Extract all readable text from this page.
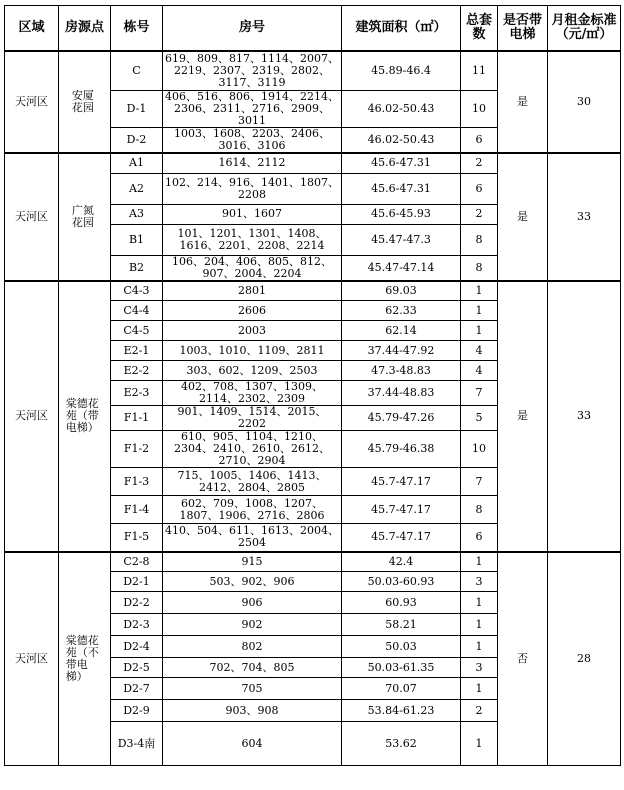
区域	房源点	栋号	房号	建筑面积（㎡）	总套数	是否带电梯	月租金标准（元/㎡）
天河区	安厦花园	C	619、809、817、1114、2007、2219、2307、2319、2802、3117、3119	45.89-46.4	11	是	30
		D-1	406、516、806、1914、2214、2306、2311、2716、2909、3011	46.02-50.43	10		
		D-2	1003、1608、2203、2406、3016、3106	46.02-50.43	6		
天河区	广氮花园	A1	1614、2112	45.6-47.31	2	是	33
		A2	102、214、916、1401、1807、2208	45.6-47.31	6		
		A3	901、1607	45.6-45.93	2		
		B1	101、1201、1301、1408、1616、2201、2208、2214	45.47-47.3	8		
		B2	106、204、406、805、812、907、2004、2204	45.47-47.14	8		
天河区	棠德花苑（带电梯）	C4-3	2801	69.03	1	是	33
		C4-4	2606	62.33	1		
		C4-5	2003	62.14	1		
		E2-1	1003、1010、1109、2811	37.44-47.92	4		
		E2-2	303、602、1209、2503	47.3-48.83	4		
		E2-3	402、708、1307、1309、2114、2302、2309	37.44-48.83	7		
		F1-1	901、1409、1514、2015、2202	45.79-47.26	5		
		F1-2	610、905、1104、1210、2304、2410、2610、2612、2710、2904	45.79-46.38	10		
		F1-3	715、1005、1406、1413、2412、2804、2805	45.7-47.17	7		
		F1-4	602、709、1008、1207、1807、1906、2716、2806	45.7-47.17	8		
		F1-5	410、504、611、1613、2004、2504	45.7-47.17	6		
天河区	棠德花苑（不带电梯）	C2-8	915	42.4	1	否	28
		D2-1	503、902、906	50.03-60.93	3		
		D2-2	906	60.93	1		
		D2-3	902	58.21	1		
		D2-4	802	50.03	1		
		D2-5	702、704、805	50.03-61.35	3		
		D2-7	705	70.07	1		
		D2-9	903、908	53.84-61.23	2		
		D3-4南	604	53.62	1		
